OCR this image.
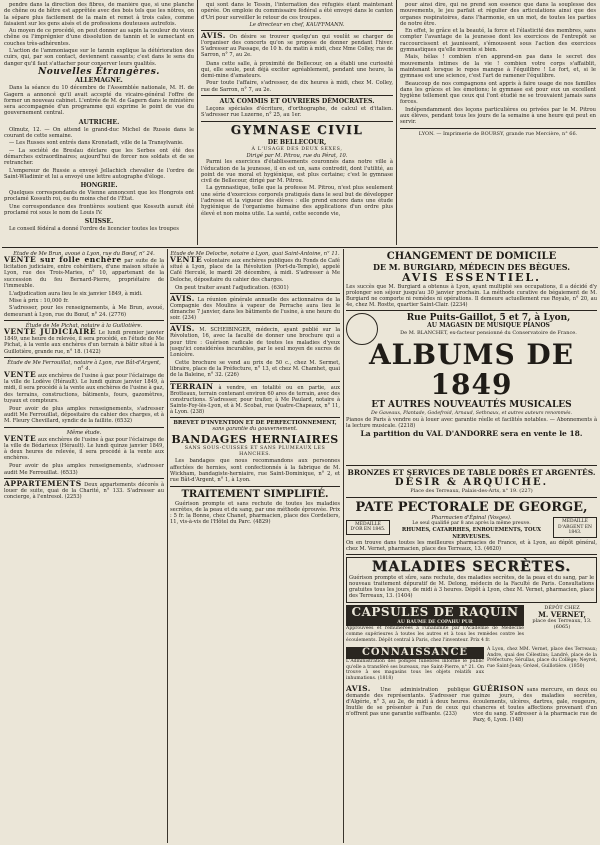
pendre dans la direction des fibres, de manière que, si une planche de chêne ou de hêtre est apprêtée avec des bois tels que les nôtres, on la sépare plus facilement de la main et remet à trois cales, comme faisaient sur les gens aisés et de professions douteuses autrefois.

Au moyen de ce procédé, on peut donner au sapin la couleur du vieux chêne ou l'imprégnier d'une dissolution de tannin et le sumectant en couches très-adhérentes.

L'action de l'ammoniaque sur le tannin explique la détérioration des cuirs, qui, par son contact, deviennent cassants; c'est dans le sens du danger qu'il faut s'attacher pour conserver leurs qualités.

Nouvelles Étrangères.
ALLEMAGNE.

Dans la séance du 10 décembre de l'Assemblée nationale, M. H. de Gagern a annoncé qu'il avait accepté du vicaire-général l'offre de former un nouveau cabinet. L'entrée de M. de Gagern dans le ministère sera accompagnée d'un programme qui exprime le point de vue du gouvernement central.

AUTRICHE.

Olmutz, 12. — On attend le grand-duc Michel de Russie dans le courant de cette semaine.

— Les Russes sont entrés dans Kronstadt, ville de la Transylvanie.

— La société de Breslau déclare que les Serbes ont été des démarches extraordinaires; aujourd'hui de forcer nos soldats et de se retrancher.

L'empereur de Russie a envoyé Jellachich chevalier de l'ordre de Saint-Wladimir et lui a envoyé une lettre autographe d'éloge.

HONGRIE.

Quelques correspondants de Vienne annoncent que les Hongrois ont proclamé Kossuth roi, ou du moins chef de l'État.

Une correspondance des frontières soutient que Kossuth aurait été proclamé roi sous le nom de Louis IV.

SUISSE.

Le conseil fédéral a donné l'ordre de licencier toutes les troupes

qui sont dans le Tessin, l'internation des réfugiés étant maintenant opérée. On emploie du commissaire fédéral a été envoyé dans le canton d'Uri pour surveiller le retour de ces troupes.

Le directeur en chef, KAUFFMANN.
AVIS. On désire se trouver quelqu'un qui voulût se charger de l'organiser des concerts qu'on se propose de donner pendant l'hiver. S'adresser au Passage, de 10 h. du matin à midi, chez Mme Colley, rue de Sarron, n° 7, au 2e.

Dans cette salle, à proximité de Bellecour, on a établi une curiosité qui, elle seule, peut déjà exciter agréablement, pendant une heure, la demi-mine d'amateurs.

Pour toute l'affaire, s'adresser, de dix heures à midi, chez M. Colley, rue de Sarron, n° 7, au 2e.

AUX COMMIS ET OUVRIERS DÉMOCRATES.

Leçons spéciales d'écriture, d'orthographe, de calcul et d'italien. S'adresser rue Luzerne, n° 25, au 1er.

GYMNASE CIVIL
DE BELLECOUR,
À L'USAGE DES DEUX SEXES,
Dirigé par M. Pitrou, rue du Pérat, 10.

Parmi les exercices d'établissements couronnés dans notre ville à l'éducation de la jeunesse, il en est un, sans contredit, dont l'utilité, au point de vue moral et hygiénique, est plus certaine; c'est le gymnase civil de Bellecour, dirigé par M. Pitrou.

La gymnastique, telle que la professe M. Pitrou, n'est plus seulement une série d'exercices corporels pratiqués dans le seul but de développer l'adresse et la vigueur des élèves : elle prend encore dans une étude hygiénique de l'organisme humaine des applications d'un ordre plus élevé et non moins utile. La santé, cette seconde vie,

pour ainsi dire, qui ne prend son essence que dans la souplesse des mouvements, le jeu parfait et régulier des articulations ainsi que des organes respiratoires, dans l'harmonie, en un mot, de toutes les parties de notre être.

En effet, le grâce et la beauté, la force et l'élasticité des membres, sans compter l'avantage de la jeunesse dont les exercices de l'entrepôt se raccourcissent et jaunissent, s'émoussent sous l'action des exercices gymnastiques qu'elle invente si bien.

Mais, hélas ! combien n'en apprend-on pas dans le secret des mouvements intimes de la vie ! combien votre corps s'affaiblit, maintenant lorsque le repos manque à l'équilibre ! Le fort, et, si le gymnase est une science, c'est l'art de ramener l'équilibre.

Beaucoup de nos compagnons ont appris à faire usage de nos familles dans les grâces et les émotions; le gymnase est pour eux un excellent hygiène tellement que ceux qui l'ont étudié ne se trouvaient jamais sans forces.

Indépendamment des leçons particulières ou privées par le M. Pitrou aux élèves, pendant tous les jours de la semaine à une heure qui peut en servir.

LYON. — Imprimerie de BOURSY, grande rue Mercière, n° 66.
Étude de Me Brun, avoué à Lyon, rue du Bœuf, n° 24.
VENTE sur folle enchère par suite de la licitation judiciaire, entre cohéritiers, d'une maison située à Lyon, rue des Trois-Maries, n° 10, appartenant de la succession du feu Bernard-Pierre, propriétaire de l'immeuble.

L'adjudication aura lieu le six janvier 1849, à midi.

Mise à prix : 10,000 fr.

S'adresser, pour les renseignements, à Me Brun, avoué, demeurant à Lyon, rue du Bœuf, n° 24. (2776)

Étude de Me Pichat, notaire à la Guillotière.
VENTE JUDICIAIRE Le lundi premier janvier 1849, une heure de relevée, il sera procédé, en l'étude de Me Pichat, à la vente aux enchères d'un terrain à bâtir situé à la Guillotière, grande rue, n° 18. (1422)
Étude de Me Ferrouillat, notaire à Lyon, rue Bât-d'Argent, n° 4.
VENTE aux enchères de l'usine à gaz pour l'éclairage de la ville de Lodève (Hérault). Le lundi quinze janvier 1849, à midi, il sera procédé à la vente aux enchères de l'usine à gaz, des terrains, constructions, bâtiments, fours, gazomètres, tuyaux et compteurs.

Pour avoir de plus amples renseignements, s'adresser audit Me Ferrouillat, dépositaire du cahier des charges, et à M. Fleury Chevillard, syndic de la faillite. (6532)

Même étude.
VENTE aux enchères de l'usine à gaz pour l'éclairage de la ville de Bédarieux (Hérault). Le lundi quinze janvier 1849, à deux heures de relevée, il sera procédé à la vente aux enchères.

Pour avoir de plus amples renseignements, s'adresser audit Me Ferrouillat. (6533)

APPARTEMENTS Deux appartements décorés à louer de suite, quai de la Charité, n° 133. S'adresser au concierge, à l'entresol. (2253)
Étude de Me Deloche, notaire à Lyon, quai Saint-Antoine, n° 11.
VENTE volontaire aux enchères publiques du Fonds de Café situé à Lyon, place de la Révolution (Port-du-Temple), appelé Café Herculé, le mardi 26 décembre, à midi. S'adresser à Me Deloche, dépositaire du cahier des charges.

On peut traiter avant l'adjudication. (6301)

AVIS. La réunion générale annuelle des actionnaires de la Compagnie des Moulins à vapeur de Perrache aura lieu le dimanche 7 janvier, dans les bâtiments de l'usine, à une heure du soir. (234)
AVIS. M. SCHEIBINGER, médecin, ayant publié sur la Révolution, 16, avec la faculté de donner une brochure qui a pour titre : Guérison radicale de toutes les maladies d'yeux jusqu'ici considérées incurables, par le seul moyen de sucres de Lonicère.

Cette brochure se vend au prix de 50 c., chez M. Sermet, libraire, place de la Préfecture, n° 13, et chez M. Chamhet, quai de la Baleine, n° 32. (226)

TERRAIN à vendre, en totalité ou en partie, aux Brotteaux, terrain contenant environ 60 ares de terrain, avec des constructions. S'adresser, pour traiter, à Me Paulard, notaire à Sainte-Foy-lès-Lyon, et à M. Scobat, rue Quatre-Chapeaux, n° 11, à Lyon. (238)
BREVET D'INVENTION ET DE PERFECTIONNEMENT,
sans garantie du gouvernement.
BANDAGES HERNIAIRES
SANS SOUS-CUISSES ET SANS PLUMEAUX LES HANCHES.

Les bandages que nous recommandons aux personnes affectées de hernies, sont confectionnés à la fabrique de M. Wickham, bandagiste-herniaire, rue Saint-Dominique, n° 2, et rue Bât-d'Argent, n° 1, à Lyon.

TRAITEMENT SIMPLIFIÉ.

Guérison prompte et sans rechute de toutes les maladies secrètes, de la peau et du sang, par une méthode éprouvée. Prix : 5 fr. la Bonne, chez Chanet, pharmacien, place des Cordeliers, 11, vis-à-vis de l'Hôtel du Parc. (4829)

CHANGEMENT DE DOMICILE
DE M. BURGIARD, MÉDECIN DES BÈGUES.
AVIS ESSENTIEL.
Les succès que M. Burgiard a obtenus à Lyon, ayant multiplié ses occupations, il a décidé d'y prolonger son séjour jusqu'au 30 janvier prochain. La méthode curative de bégaiement de M. Burgiard ne comporte ni remèdes ni opérations. Il demeure actuellement rue Royale, n° 20, au 4e, chez M. Rostte, quartier Saint-Clair. (2234)
Rue Puits-Gaillot, 5 et 7, à Lyon,
AU MAGASIN DE MUSIQUE PIANOS
De M. BLANCHET, ex-facteur pensionné du Conservatoire de France.
ALBUMS DE 1849
ET AUTRES NOUVEAUTÉS MUSICALES
De Gaveaux, Plantade, Godefroid, Arnaud, Sethnaux, et autres auteurs renommés.
Pianos de Paris à vendre ou à louer avec garantie réelle et facilités notables. — Abonnements à la lecture musicale. (2218)
La partition du VAL D'ANDORRE sera en vente le 18.
BRONZES ET SERVICES DE TABLE DORÉS ET ARGENTÉS.
DÉSIR & ARQUICHE.
Place des Terreaux, Palais-des-Arts, n° 19. (227)
PATE PECTORALE DE GEORGE,
MÉDAILLE D'OR EN 1845.
Pharmacien d'Épinal (Vosges).
Le seul qualifié par 8 ans après la même preuve.
RHUMES, CATARRHES, ENROUEMENTS, TOUX NERVEUSES.
MÉDAILLE D'ARGENT EN 1843.
On en trouve dans toutes les meilleures pharmacies de France, et à Lyon, au dépôt général, chez M. Vernet, pharmacien, place des Terreaux, 13. (4620)
MALADIES SECRÈTES.
Guérison prompte et sûre, sans rechute, des maladies secrètes, de la peau et du sang, par le nouveau traitement dépuratif de M. Delong, médecin de la Faculté de Paris. Consultations gratuites tous les jours, de midi à 3 heures. Dépôt à Lyon, chez M. Vernet, pharmacien, place des Terreaux, 13. (1404)
CAPSULES DE RAQUIN
AU BAUME DE COPAHU PUR
Approuvées et rémunérées à l'unanimité par l'Académie de Médecine comme supérieures à toutes les autres et à tous les remèdes contre les écoulements. Dépôt central à Paris, chez l'inventeur. Prix 4 fr.
DÉPÔT CHEZ
M. VERNET,
place des Terreaux, 13. (6065)
CONNAISSANCE
L'Administration des pompes funèbres informe le public qu'elle a transféré ses bureaux, rue Saint-Pierre, n° 21. On trouve à ses magasins tous les objets relatifs aux inhumations. (1818)
A Lyon, chez MM. Vernet, place des Terreaux; Andre, quai des Célestins; Landré, place de la Préfecture; Sérullas, place du Collège; Neyret, rue Saint-Jean; Grézel, Guillotière. (1850)
AVIS. Une administration publique demande des représentants. S'adresser rue d'Algérie, n° 3, au 2e, de midi à deux heures. Inutile de se présenter à l'un de ceux qui n'offrent pas une garantie suffisante. (233)
GUÉRISON sans mercure, en deux ou quinze jours, des maladies secrètes, écoulements, ulcères, dartres, gale, rougeurs, chancres et toutes affections provenant d'un vice du sang. S'adresser à la pharmacie rue de Pazy, 6, Lyon. (148)
